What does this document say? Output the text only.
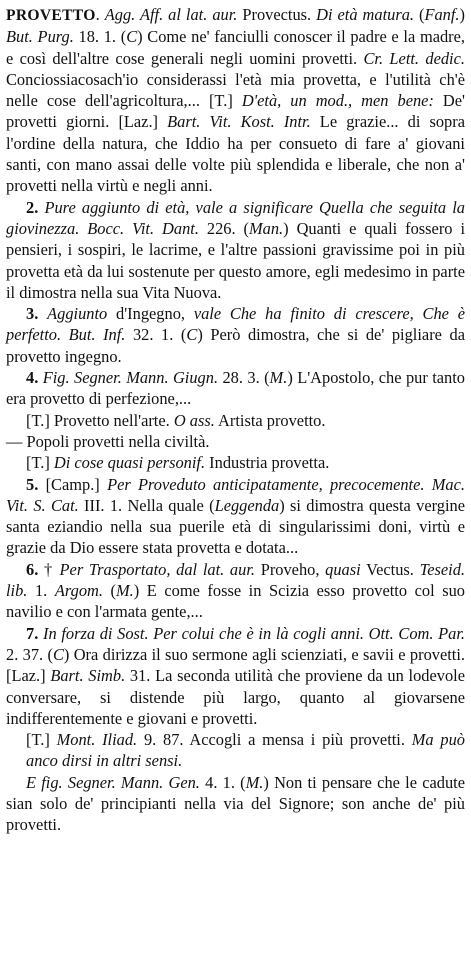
PROVETTO. Agg. Aff. al lat. aur. Provectus. Di età matura. (Fanf.) But. Purg. 18. 1. (C) Come ne' fanciulli conoscer il padre e la madre, e così dell'altre cose generali negli uomini provetti. Cr. Lett. dedic. Conciossiacosach'io considerassi l'età mia provetta, e l'utilità ch'è nelle cose dell'agricoltura,... [T.] D'età, un mod., men bene: De' provetti giorni. [Laz.] Bart. Vit. Kost. Intr. Le grazie... di sopra l'ordine della natura, che Iddio ha per consueto di fare a' giovani santi, con mano assai delle volte più splendida e liberale, che non a' provetti nella virtù e negli anni.

2. Pure aggiunto di età, vale a significare Quella che seguita la giovinezza. Bocc. Vit. Dant. 226. (Man.) Quanti e quali fossero i pensieri, i sospiri, le lacrime, e l'altre passioni gravissime poi in più provetta età da lui sostenute per questo amore, egli medesimo in parte il dimostra nella sua Vita Nuova.

3. Aggiunto d'Ingegno, vale Che ha finito di crescere, Che è perfetto. But. Inf. 32. 1. (C) Però dimostra, che si de' pigliare da provetto ingegno.

4. Fig. Segner. Mann. Giugn. 28. 3. (M.) L'Apostolo, che pur tanto era provetto di perfezione,...

[T.] Provetto nell'arte. O ass. Artista provetto.

— Popoli provetti nella civiltà.

[T.] Di cose quasi personif. Industria provetta.

5. [Camp.] Per Proveduto anticipatamente, precocemente. Mac. Vit. S. Cat. III. 1. Nella quale (Leggenda) si dimostra questa vergine santa eziandio nella sua puerile età di singularissimi doni, virtù e grazie da Dio essere stata provetta e dotata...

6. † Per Trasportato, dal lat. aur. Proveho, quasi Vectus. Teseid. lib. 1. Argom. (M.) E come fosse in Scizia esso provetto col suo navilio e con l'armata gente,...

7. In forza di Sost. Per colui che è in là cogli anni. Ott. Com. Par. 2. 37. (C) Ora dirizza il suo sermone agli scienziati, e savii e provetti. [Laz.] Bart. Simb. 31. La seconda utilità che proviene da un lodevole conversare, si distende più largo, quanto al giovarsene indifferentemente e giovani e provetti.

[T.] Mont. Iliad. 9. 87. Accogli a mensa i più provetti. Ma può anco dirsi in altri sensi.

E fig. Segner. Mann. Gen. 4. 1. (M.) Non ti pensare che le cadute sian solo de' principianti nella via del Signore; son anche de' più provetti.
